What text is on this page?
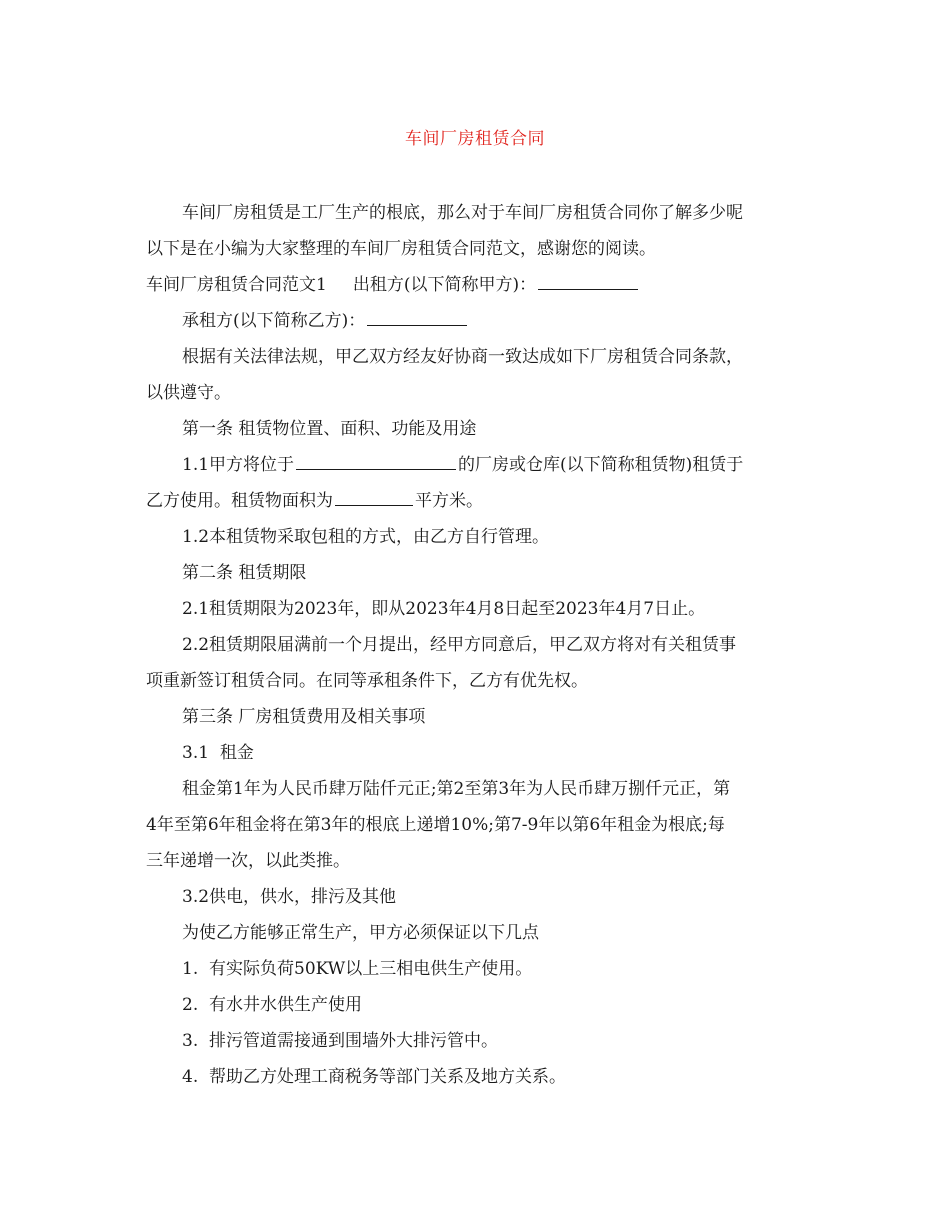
车间厂房租赁合同

车间厂房租赁是工厂生产的根底，那么对于车间厂房租赁合同你了解多少呢

以下是在小编为大家整理的车间厂房租赁合同范文，感谢您的阅读。

车间厂房租赁合同范文1 出租方(以下简称甲方)：

承租方(以下简称乙方)：

根据有关法律法规，甲乙双方经友好协商一致达成如下厂房租赁合同条款，

以供遵守。

第一条 租赁物位置、面积、功能及用途

1.1甲方将位于	的厂房或仓库(以下简称租赁物)租赁于

乙方使用。租赁物面积为	平方米。

1.2本租赁物采取包租的方式，由乙方自行管理。

第二条 租赁期限

2.1租赁期限为2023年，即从2023年4月8日起至2023年4月7日止。

2.2租赁期限届满前一个月提出，经甲方同意后，甲乙双方将对有关租赁事

项重新签订租赁合同。在同等承租条件下，乙方有优先权。

第三条 厂房租赁费用及相关事项

3.1  租金

租金第1年为人民币肆万陆仟元正;第2至第3年为人民币肆万捌仟元正，第

4年至第6年租金将在第3年的根底上递增10%;第7-9年以第6年租金为根底;每

三年递增一次，以此类推。

3.2供电，供水，排污及其他

为使乙方能够正常生产，甲方必须保证以下几点

1.  有实际负荷50KW以上三相电供生产使用。

2.  有水井水供生产使用

3.  排污管道需接通到围墙外大排污管中。

4.  帮助乙方处理工商税务等部门关系及地方关系。
